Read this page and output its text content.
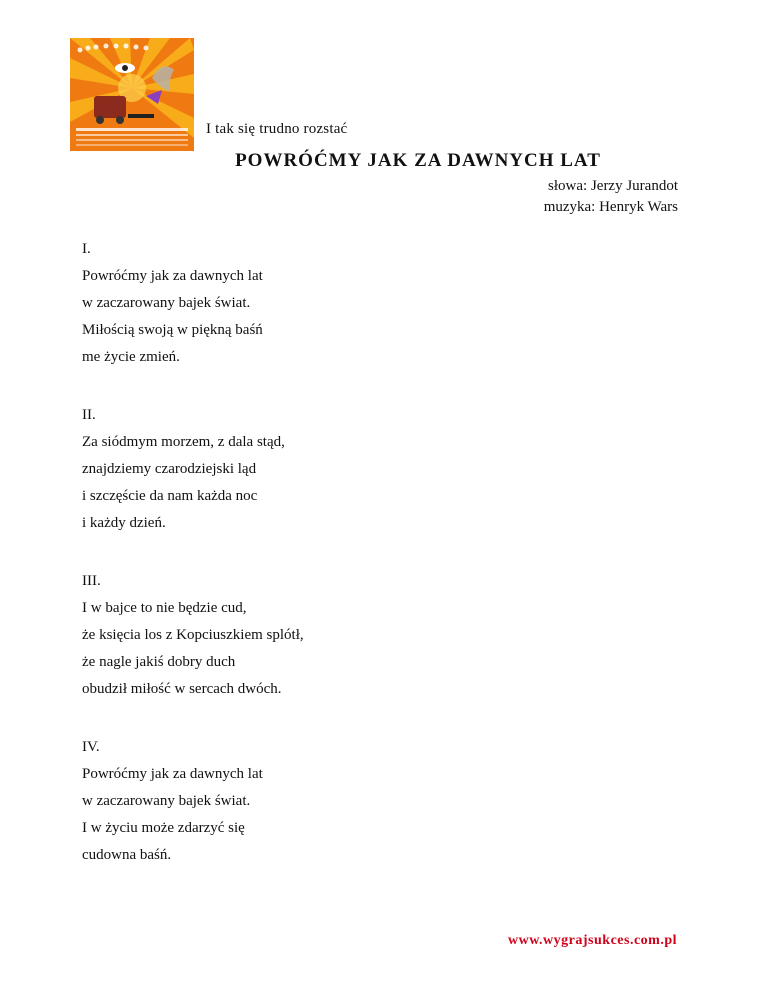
I tak się trudno rozstać
POWRÓĆMY JAK ZA DAWNYCH LAT
słowa: Jerzy Jurandot
muzyka: Henryk Wars
I.
Powróćmy jak za dawnych lat
w zaczarowany bajek świat.
Miłością swoją w piękną baśń
me życie zmień.
II.
Za siódmym morzem, z dala stąd,
znajdziemy czarodziejski ląd
i szczęście da nam każda noc
i każdy dzień.
III.
I w bajce to nie będzie cud,
że księcia los z Kopciuszkiem splótł,
że nagle jakiś dobry duch
obudził miłość w sercach dwóch.
IV.
Powróćmy jak za dawnych lat
w zaczarowany bajek świat.
I w życiu może zdarzyć się
cudowna baśń.
www.wygrajsukces.com.pl
